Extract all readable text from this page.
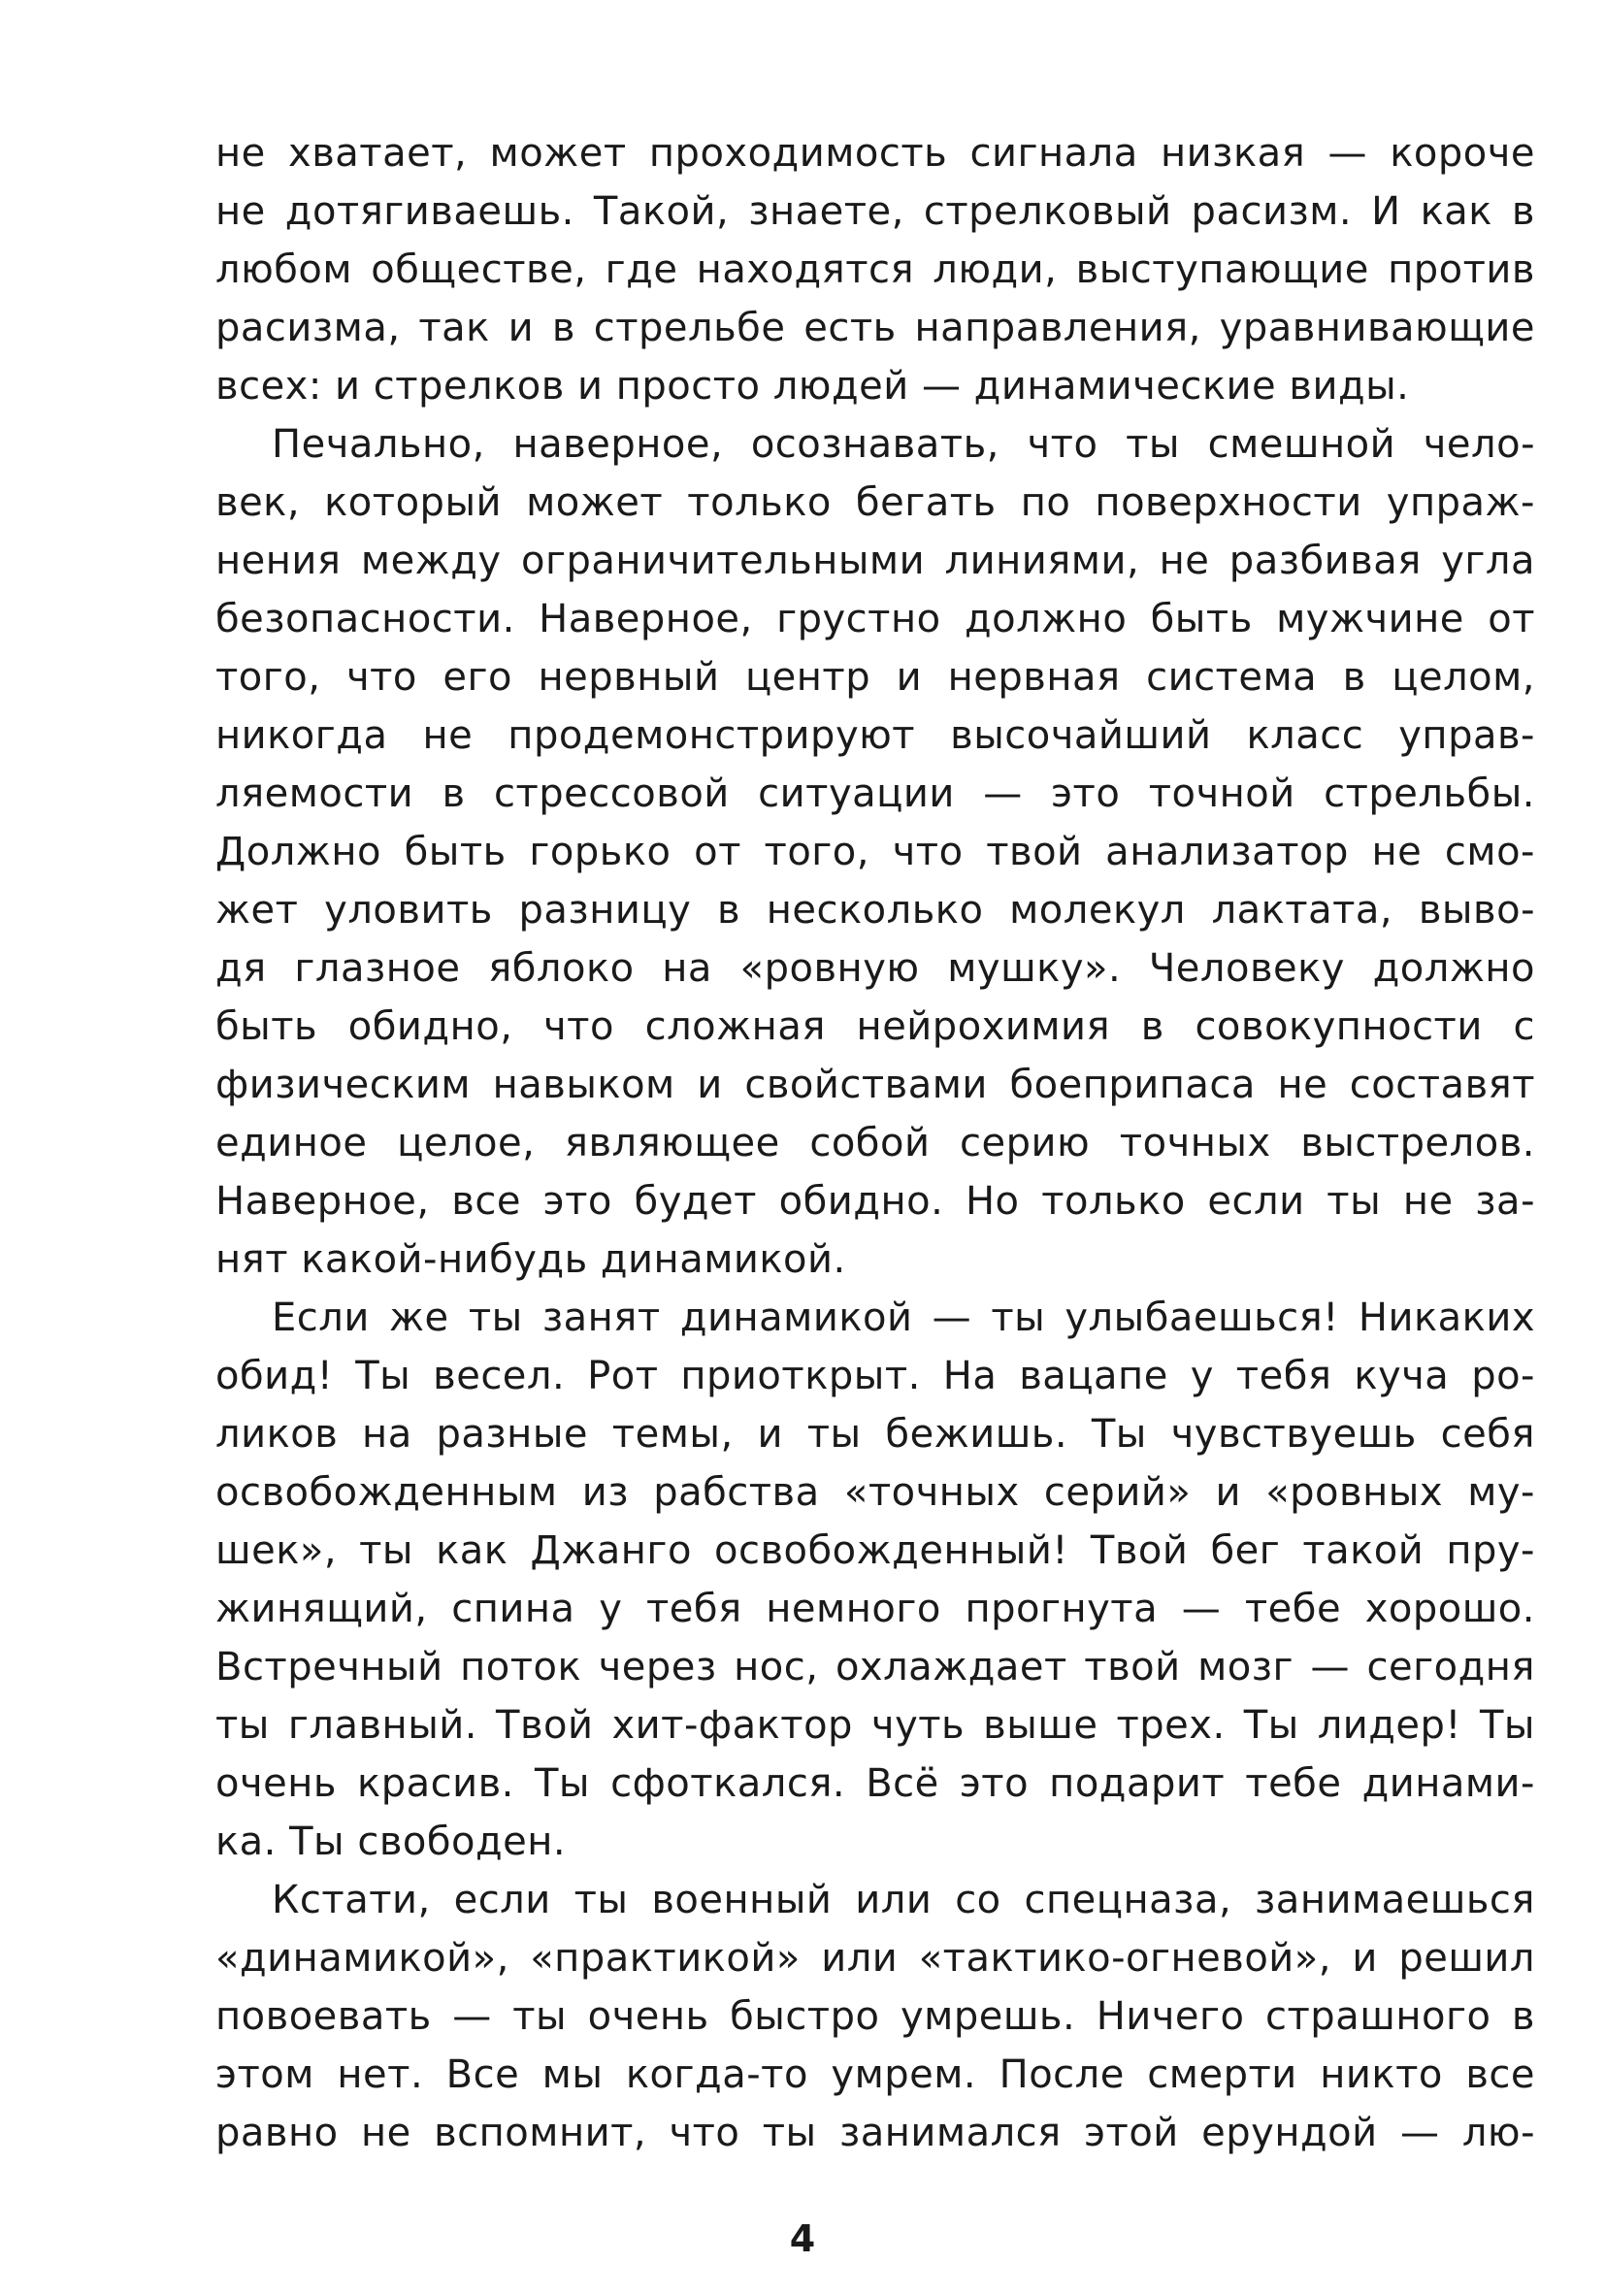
не хватает, может проходимость сигнала низкая — короче
не дотягиваешь. Такой, знаете, стрелковый расизм. И как в
любом обществе, где находятся люди, выступающие против
расизма, так и в стрельбе есть направления, уравнивающие
всех: и стрелков и просто людей — динамические виды.
Печально, наверное, осознавать, что ты смешной чело-
век, который может только бегать по поверхности упраж-
нения между ограничительными линиями, не разбивая угла
безопасности. Наверное, грустно должно быть мужчине от
того, что его нервный центр и нервная система в целом,
никогда не продемонстрируют высочайший класс управ-
ляемости в стрессовой ситуации — это точной стрельбы.
Должно быть горько от того, что твой анализатор не смо-
жет уловить разницу в несколько молекул лактата, выво-
дя глазное яблоко на «ровную мушку». Человеку должно
быть обидно, что сложная нейрохимия в совокупности с
физическим навыком и свойствами боеприпаса не составят
единое целое, являющее собой серию точных выстрелов.
Наверное, все это будет обидно. Но только если ты не за-
нят какой-нибудь динамикой.
Если же ты занят динамикой — ты улыбаешься! Никаких
обид! Ты весел. Рот приоткрыт. На вацапе у тебя куча ро-
ликов на разные темы, и ты бежишь. Ты чувствуешь себя
освобожденным из рабства «точных серий» и «ровных му-
шек», ты как Джанго освобожденный! Твой бег такой пру-
жинящий, спина у тебя немного прогнута — тебе хорошо.
Встречный поток через нос, охлаждает твой мозг — сегодня
ты главный. Твой хит-фактор чуть выше трех. Ты лидер! Ты
очень красив. Ты сфоткался. Всё это подарит тебе динами-
ка. Ты свободен.
Кстати, если ты военный или со спецназа, занимаешься
«динамикой», «практикой» или «тактико-огневой», и решил
повоевать — ты очень быстро умрешь. Ничего страшного в
этом нет. Все мы когда-то умрем. После смерти никто все
равно не вспомнит, что ты занимался этой ерундой — лю-
4
